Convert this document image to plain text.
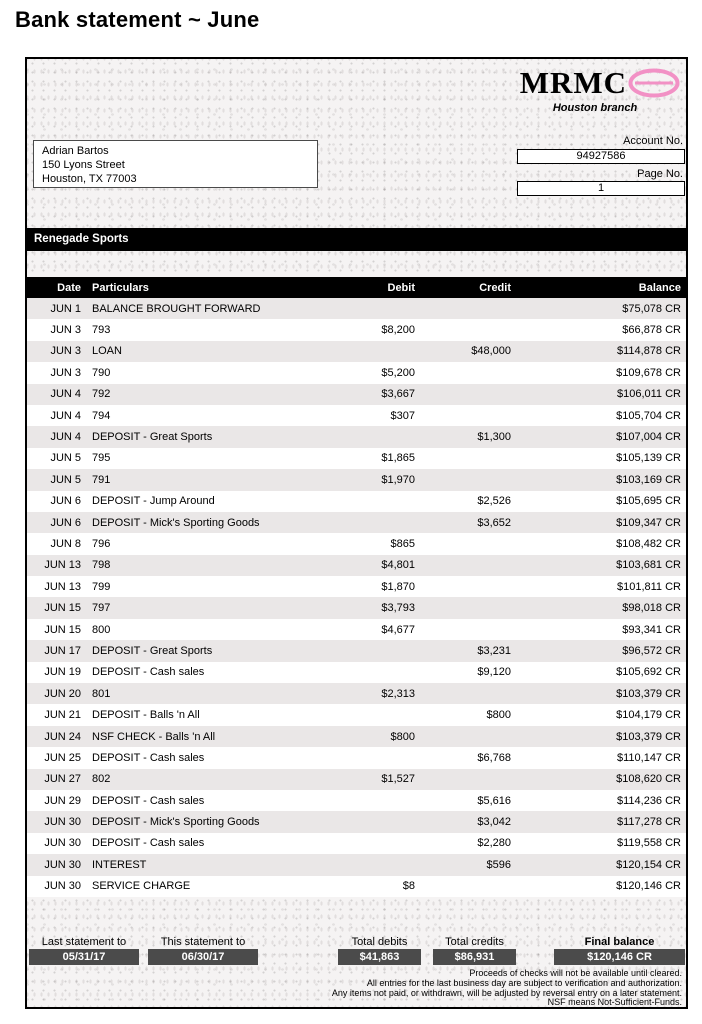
Bank statement ~ June
MRMC
Houston branch
Adrian Bartos
150 Lyons Street
Houston, TX 77003
Account No.
94927586
Page No.
1
Renegade Sports
Date	Particulars	Debit	Credit	Balance
JUN 1	BALANCE BROUGHT FORWARD			$75,078 CR
JUN 3	793	$8,200		$66,878 CR
JUN 3	LOAN		$48,000	$114,878 CR
JUN 3	790	$5,200		$109,678 CR
JUN 4	792	$3,667		$106,011 CR
JUN 4	794	$307		$105,704 CR
JUN 4	DEPOSIT - Great Sports		$1,300	$107,004 CR
JUN 5	795	$1,865		$105,139 CR
JUN 5	791	$1,970		$103,169 CR
JUN 6	DEPOSIT - Jump Around		$2,526	$105,695 CR
JUN 6	DEPOSIT - Mick's Sporting Goods		$3,652	$109,347 CR
JUN 8	796	$865		$108,482 CR
JUN 13	798	$4,801		$103,681 CR
JUN 13	799	$1,870		$101,811 CR
JUN 15	797	$3,793		$98,018 CR
JUN 15	800	$4,677		$93,341 CR
JUN 17	DEPOSIT - Great Sports		$3,231	$96,572 CR
JUN 19	DEPOSIT - Cash sales		$9,120	$105,692 CR
JUN 20	801	$2,313		$103,379 CR
JUN 21	DEPOSIT - Balls 'n All		$800	$104,179 CR
JUN 24	NSF CHECK - Balls 'n All	$800		$103,379 CR
JUN 25	DEPOSIT - Cash sales		$6,768	$110,147 CR
JUN 27	802	$1,527		$108,620 CR
JUN 29	DEPOSIT - Cash sales		$5,616	$114,236 CR
JUN 30	DEPOSIT - Mick's Sporting Goods		$3,042	$117,278 CR
JUN 30	DEPOSIT - Cash sales		$2,280	$119,558 CR
JUN 30	INTEREST		$596	$120,154 CR
JUN 30	SERVICE CHARGE	$8		$120,146 CR
Last statement to
05/31/17
This statement to
06/30/17
Total debits
$41,863
Total credits
$86,931
Final balance
$120,146 CR
Proceeds of checks will not be available until cleared.
All entries for the last business day are subject to verification and authorization.
Any items not paid, or withdrawn, will be adjusted by reversal entry on a later statement.
NSF means Not-Sufficient-Funds.
